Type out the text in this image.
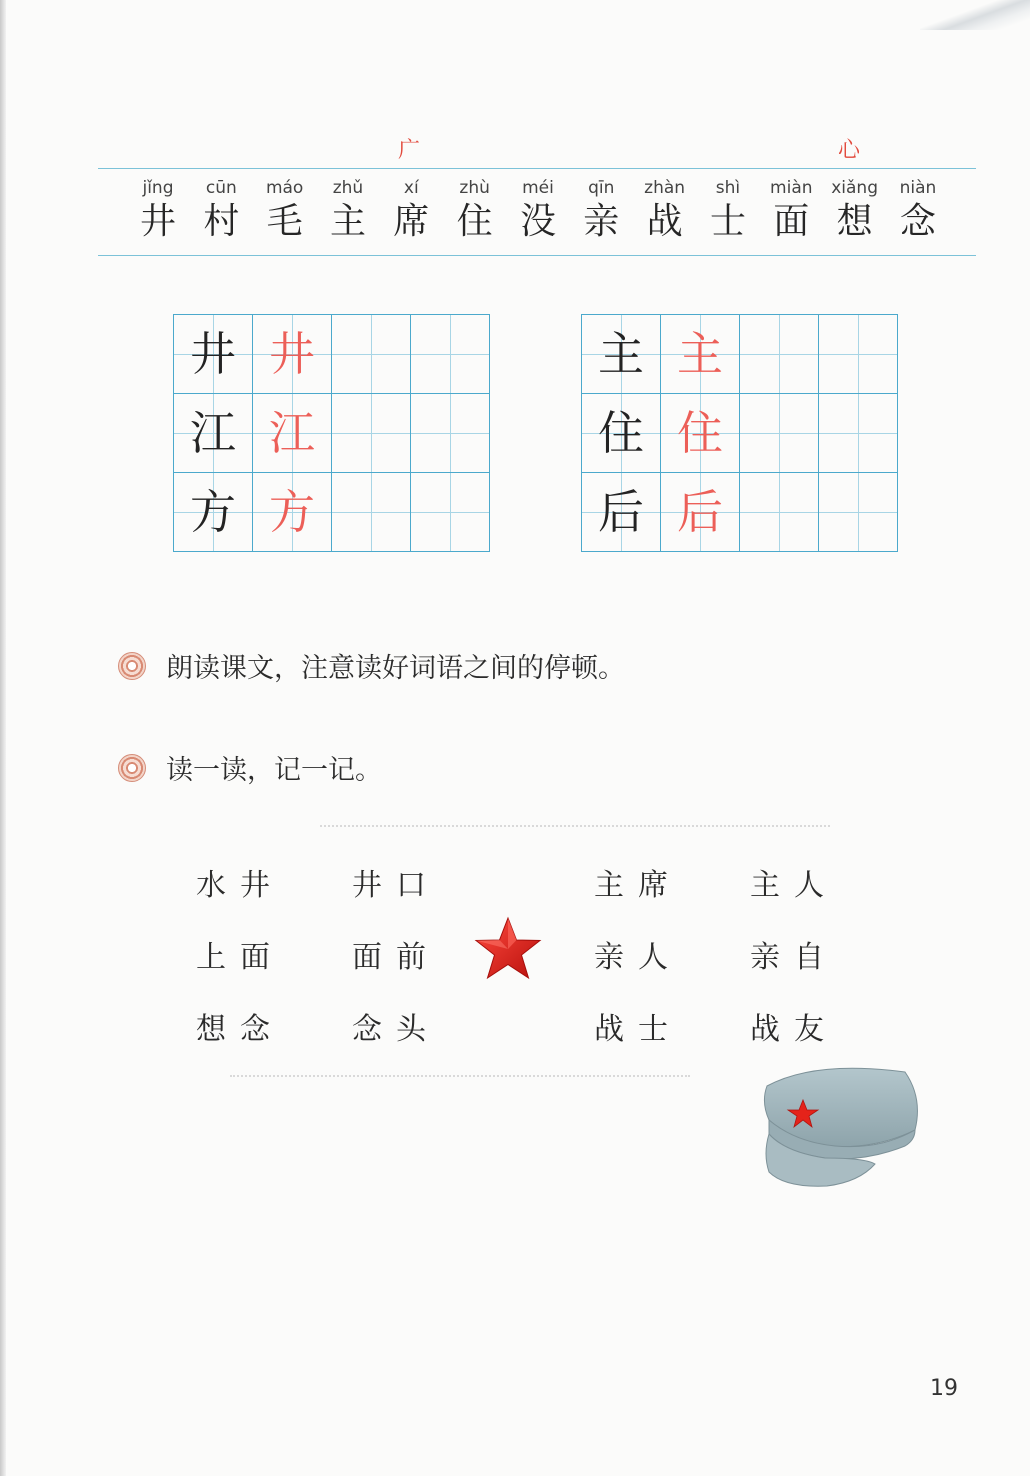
广	心
jǐng
井
cūn
村
máo
毛
zhǔ
主
xí
席
zhù
住
méi
没
qīn
亲
zhàn
战
shì
士
miàn
面
xiǎng
想
niàn
念
井	井		

江	江		

方	方		

主	主		

住	住		

后	后		

朗读课文，注意读好词语之间的停顿。
读一读，记一记。
水井 井口
上面 面前
想念 念头
主席 主人
亲人 亲自
战士 战友
19
